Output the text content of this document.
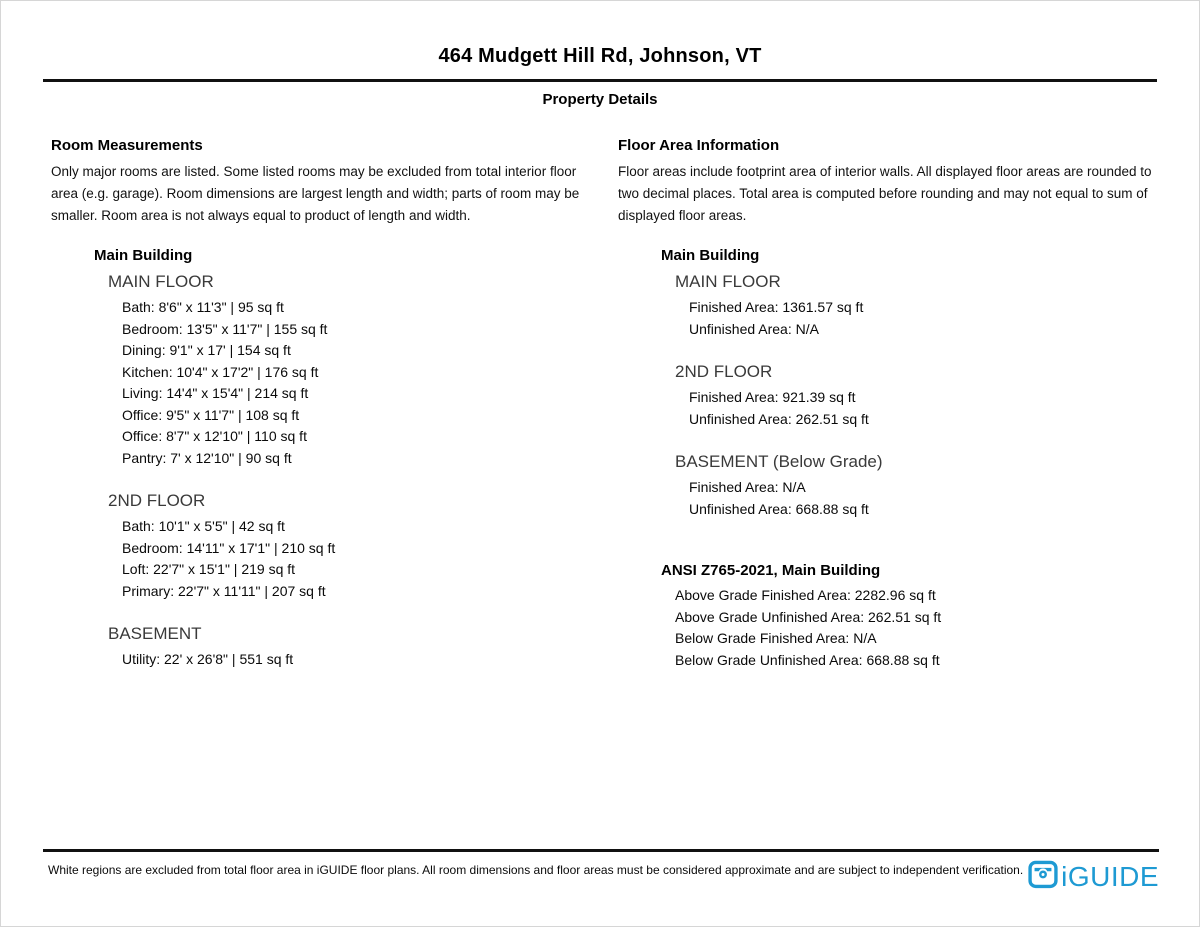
464 Mudgett Hill Rd, Johnson, VT
Property Details
Room Measurements
Only major rooms are listed. Some listed rooms may be excluded from total interior floor area (e.g. garage). Room dimensions are largest length and width; parts of room may be smaller. Room area is not always equal to product of length and width.
Main Building
MAIN FLOOR
Bath: 8'6" x 11'3" | 95 sq ft
Bedroom: 13'5" x 11'7" | 155 sq ft
Dining: 9'1" x 17' | 154 sq ft
Kitchen: 10'4" x 17'2" | 176 sq ft
Living: 14'4" x 15'4" | 214 sq ft
Office: 9'5" x 11'7" | 108 sq ft
Office: 8'7" x 12'10" | 110 sq ft
Pantry: 7' x 12'10" | 90 sq ft
2ND FLOOR
Bath: 10'1" x 5'5" | 42 sq ft
Bedroom: 14'11" x 17'1" | 210 sq ft
Loft: 22'7" x 15'1" | 219 sq ft
Primary: 22'7" x 11'11" | 207 sq ft
BASEMENT
Utility: 22' x 26'8" | 551 sq ft
Floor Area Information
Floor areas include footprint area of interior walls. All displayed floor areas are rounded to two decimal places. Total area is computed before rounding and may not equal to sum of displayed floor areas.
Main Building
MAIN FLOOR
Finished Area: 1361.57 sq ft
Unfinished Area: N/A
2ND FLOOR
Finished Area: 921.39 sq ft
Unfinished Area: 262.51 sq ft
BASEMENT (Below Grade)
Finished Area: N/A
Unfinished Area: 668.88 sq ft
ANSI Z765-2021, Main Building
Above Grade Finished Area: 2282.96 sq ft
Above Grade Unfinished Area: 262.51 sq ft
Below Grade Finished Area: N/A
Below Grade Unfinished Area: 668.88 sq ft
White regions are excluded from total floor area in iGUIDE floor plans. All room dimensions and floor areas must be considered approximate and are subject to independent verification. iGUIDE
